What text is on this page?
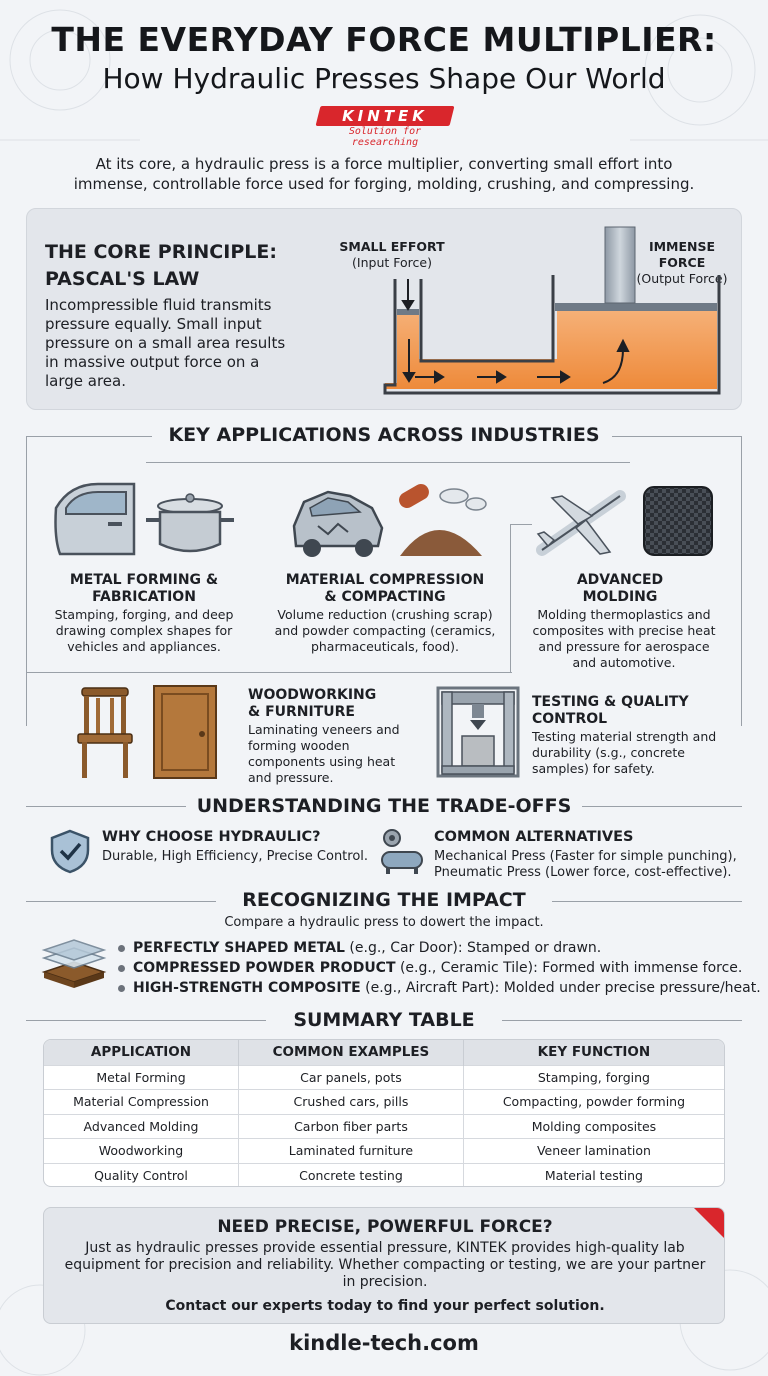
THE EVERYDAY FORCE MULTIPLIER:
How Hydraulic Presses Shape Our World
KINTEK
Solution for researching
At its core, a hydraulic press is a force multiplier, converting small effort into immense, controllable force used for forging, molding, crushing, and compressing.
THE CORE PRINCIPLE:
PASCAL'S LAW
Incompressible fluid transmits pressure equally. Small input pressure on a small area results in massive output force on a large area.
SMALL EFFORT
(Input Force)
IMMENSE FORCE
(Output Force)
KEY APPLICATIONS ACROSS INDUSTRIES
METAL FORMING &
FABRICATION
Stamping, forging, and deep drawing complex shapes for vehicles and appliances.
MATERIAL COMPRESSION
& COMPACTING
Volume reduction (crushing scrap) and powder compacting (ceramics, pharmaceuticals, food).
ADVANCED
MOLDING
Molding thermoplastics and composites with precise heat and pressure for aerospace and automotive.
WOODWORKING
& FURNITURE
Laminating veneers and forming wooden components using heat and pressure.
TESTING & QUALITY
CONTROL
Testing material strength and durability (s.g., concrete samples) for safety.
UNDERSTANDING THE TRADE-OFFS
WHY CHOOSE HYDRAULIC?
Durable, High Efficiency, Precise Control.
COMMON ALTERNATIVES
Mechanical Press (Faster for simple punching),
Pneumatic Press (Lower force, cost-effective).
RECOGNIZING THE IMPACT
Compare a hydraulic press to dowert the impact.
PERFECTLY SHAPED METAL (e.g., Car Door): Stamped or drawn.
COMPRESSED POWDER PRODUCT (e.g., Ceramic Tile): Formed with immense force.
HIGH-STRENGTH COMPOSITE (e.g., Aircraft Part): Molded under precise pressure/heat.
SUMMARY TABLE
APPLICATION	COMMON EXAMPLES	KEY FUNCTION
Metal Forming	Car panels, pots	Stamping, forging
Material Compression	Crushed cars, pills	Compacting, powder forming
Advanced Molding	Carbon fiber parts	Molding composites
Woodworking	Laminated furniture	Veneer lamination
Quality Control	Concrete testing	Material testing
NEED PRECISE, POWERFUL FORCE?
Just as hydraulic presses provide essential pressure, KINTEK provides high-quality lab equipment for precision and reliability. Whether compacting or testing, we are your partner in precision.
Contact our experts today to find your perfect solution.
kindle-tech.com
